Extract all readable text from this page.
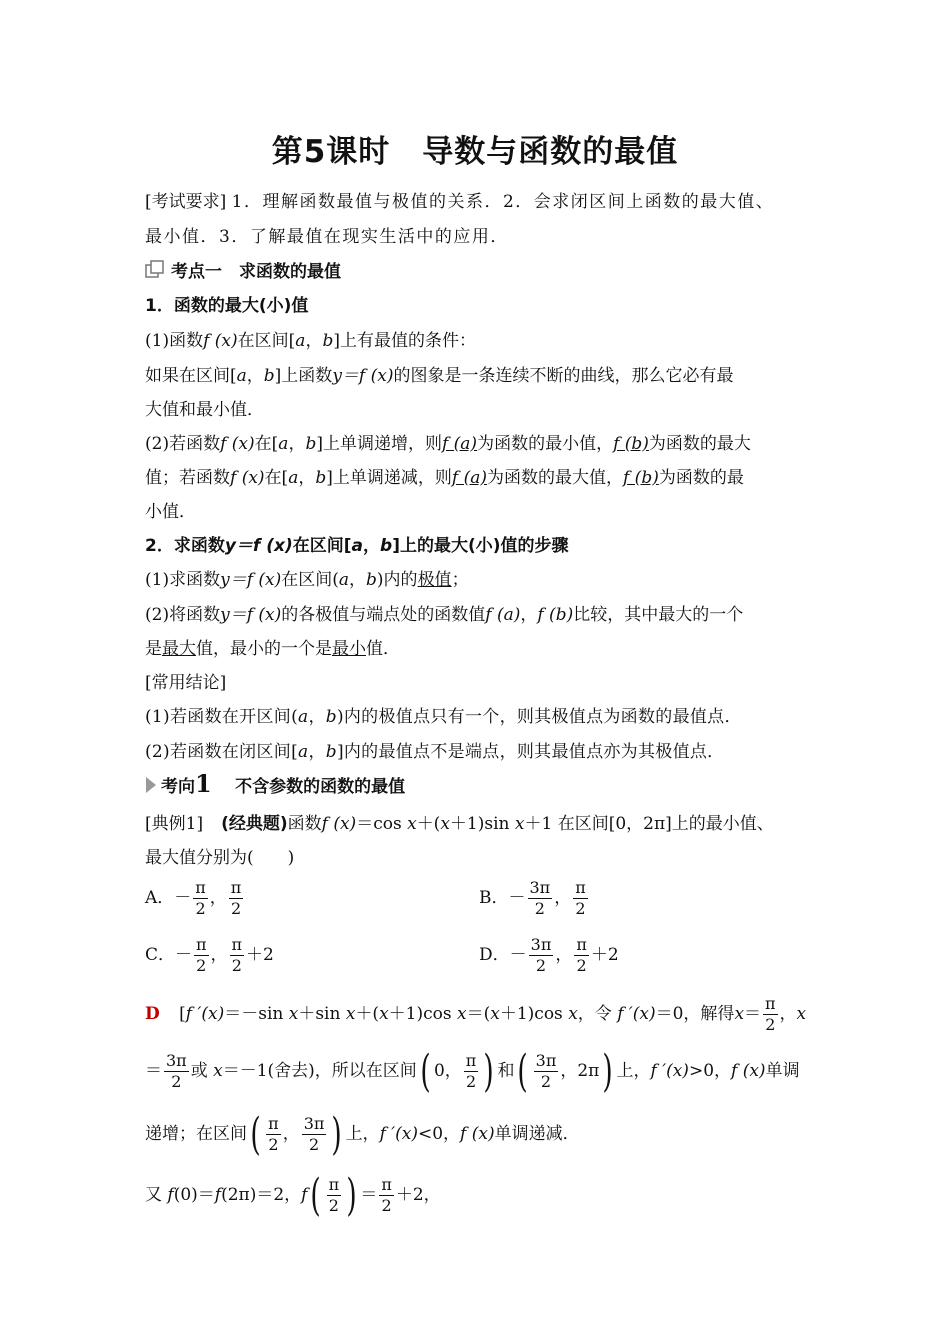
第5课时　导数与函数的最值
[考试要求] 1．理解函数最值与极值的关系．2．会求闭区间上函数的最大值、
最小值．3．了解最值在现实生活中的应用．
考点一　求函数的最值
1．函数的最大(小)值
(1)函数f (x)在区间[a，b]上有最值的条件：
如果在区间[a，b]上函数y＝f (x)的图象是一条连续不断的曲线，那么它必有最
大值和最小值．
(2)若函数f (x)在[a，b]上单调递增，则f (a)为函数的最小值，f (b)为函数的最大
值；若函数f (x)在[a，b]上单调递减，则f (a)为函数的最大值，f (b)为函数的最
小值．
2．求函数y＝f (x)在区间[a，b]上的最大(小)值的步骤
(1)求函数y＝f (x)在区间(a，b)内的极值；
(2)将函数y＝f (x)的各极值与端点处的函数值f (a)，f (b)比较，其中最大的一个
是最大值，最小的一个是最小值．
[常用结论]
(1)若函数在开区间(a，b)内的极值点只有一个，则其极值点为函数的最值点．
(2)若函数在闭区间[a，b]内的最值点不是端点，则其最值点亦为其极值点．
考向1 不含参数的函数的最值
[典例1] (经典题)函数f (x)＝cos x＋(x＋1)sin x＋1 在区间[0，2π]上的最小值、
最大值分别为(　　)
A．－ $\frac{\pi}{2}$ ， $\frac{\pi}{2}$	B．－ $\frac{3\pi}{2}$ ， $\frac{\pi}{2}$
C．－ $\frac{\pi}{2}$ ， $\frac{\pi}{2} +2$	D．－ $\frac{3\pi}{2}$ ， $\frac{\pi}{2} +2$
D [f ′(x)＝－sin x＋sin x＋(x＋1)cos x＝(x＋1)cos x，令 f ′(x)＝0，解得$x= \frac{\pi}{2}$ ，x
＝ $\frac{3\pi}{2}$ 或 x＝－1(舍去)，所以在区间( 0， $\frac{\pi}{2}$ ) 和( $\frac{3\pi}{2}$ ，2π) 上，f ′(x)>0，f (x)单调
递增；在区间( $\frac{\pi}{2}$ ， $\frac{3\pi}{2}$ ) 上，f ′(x)<0，f (x)单调递减．
又 f(0)＝f(2π)＝2，$f( \frac{\pi}{2}$ ) ＝ $\frac{\pi}{2} +2$，
